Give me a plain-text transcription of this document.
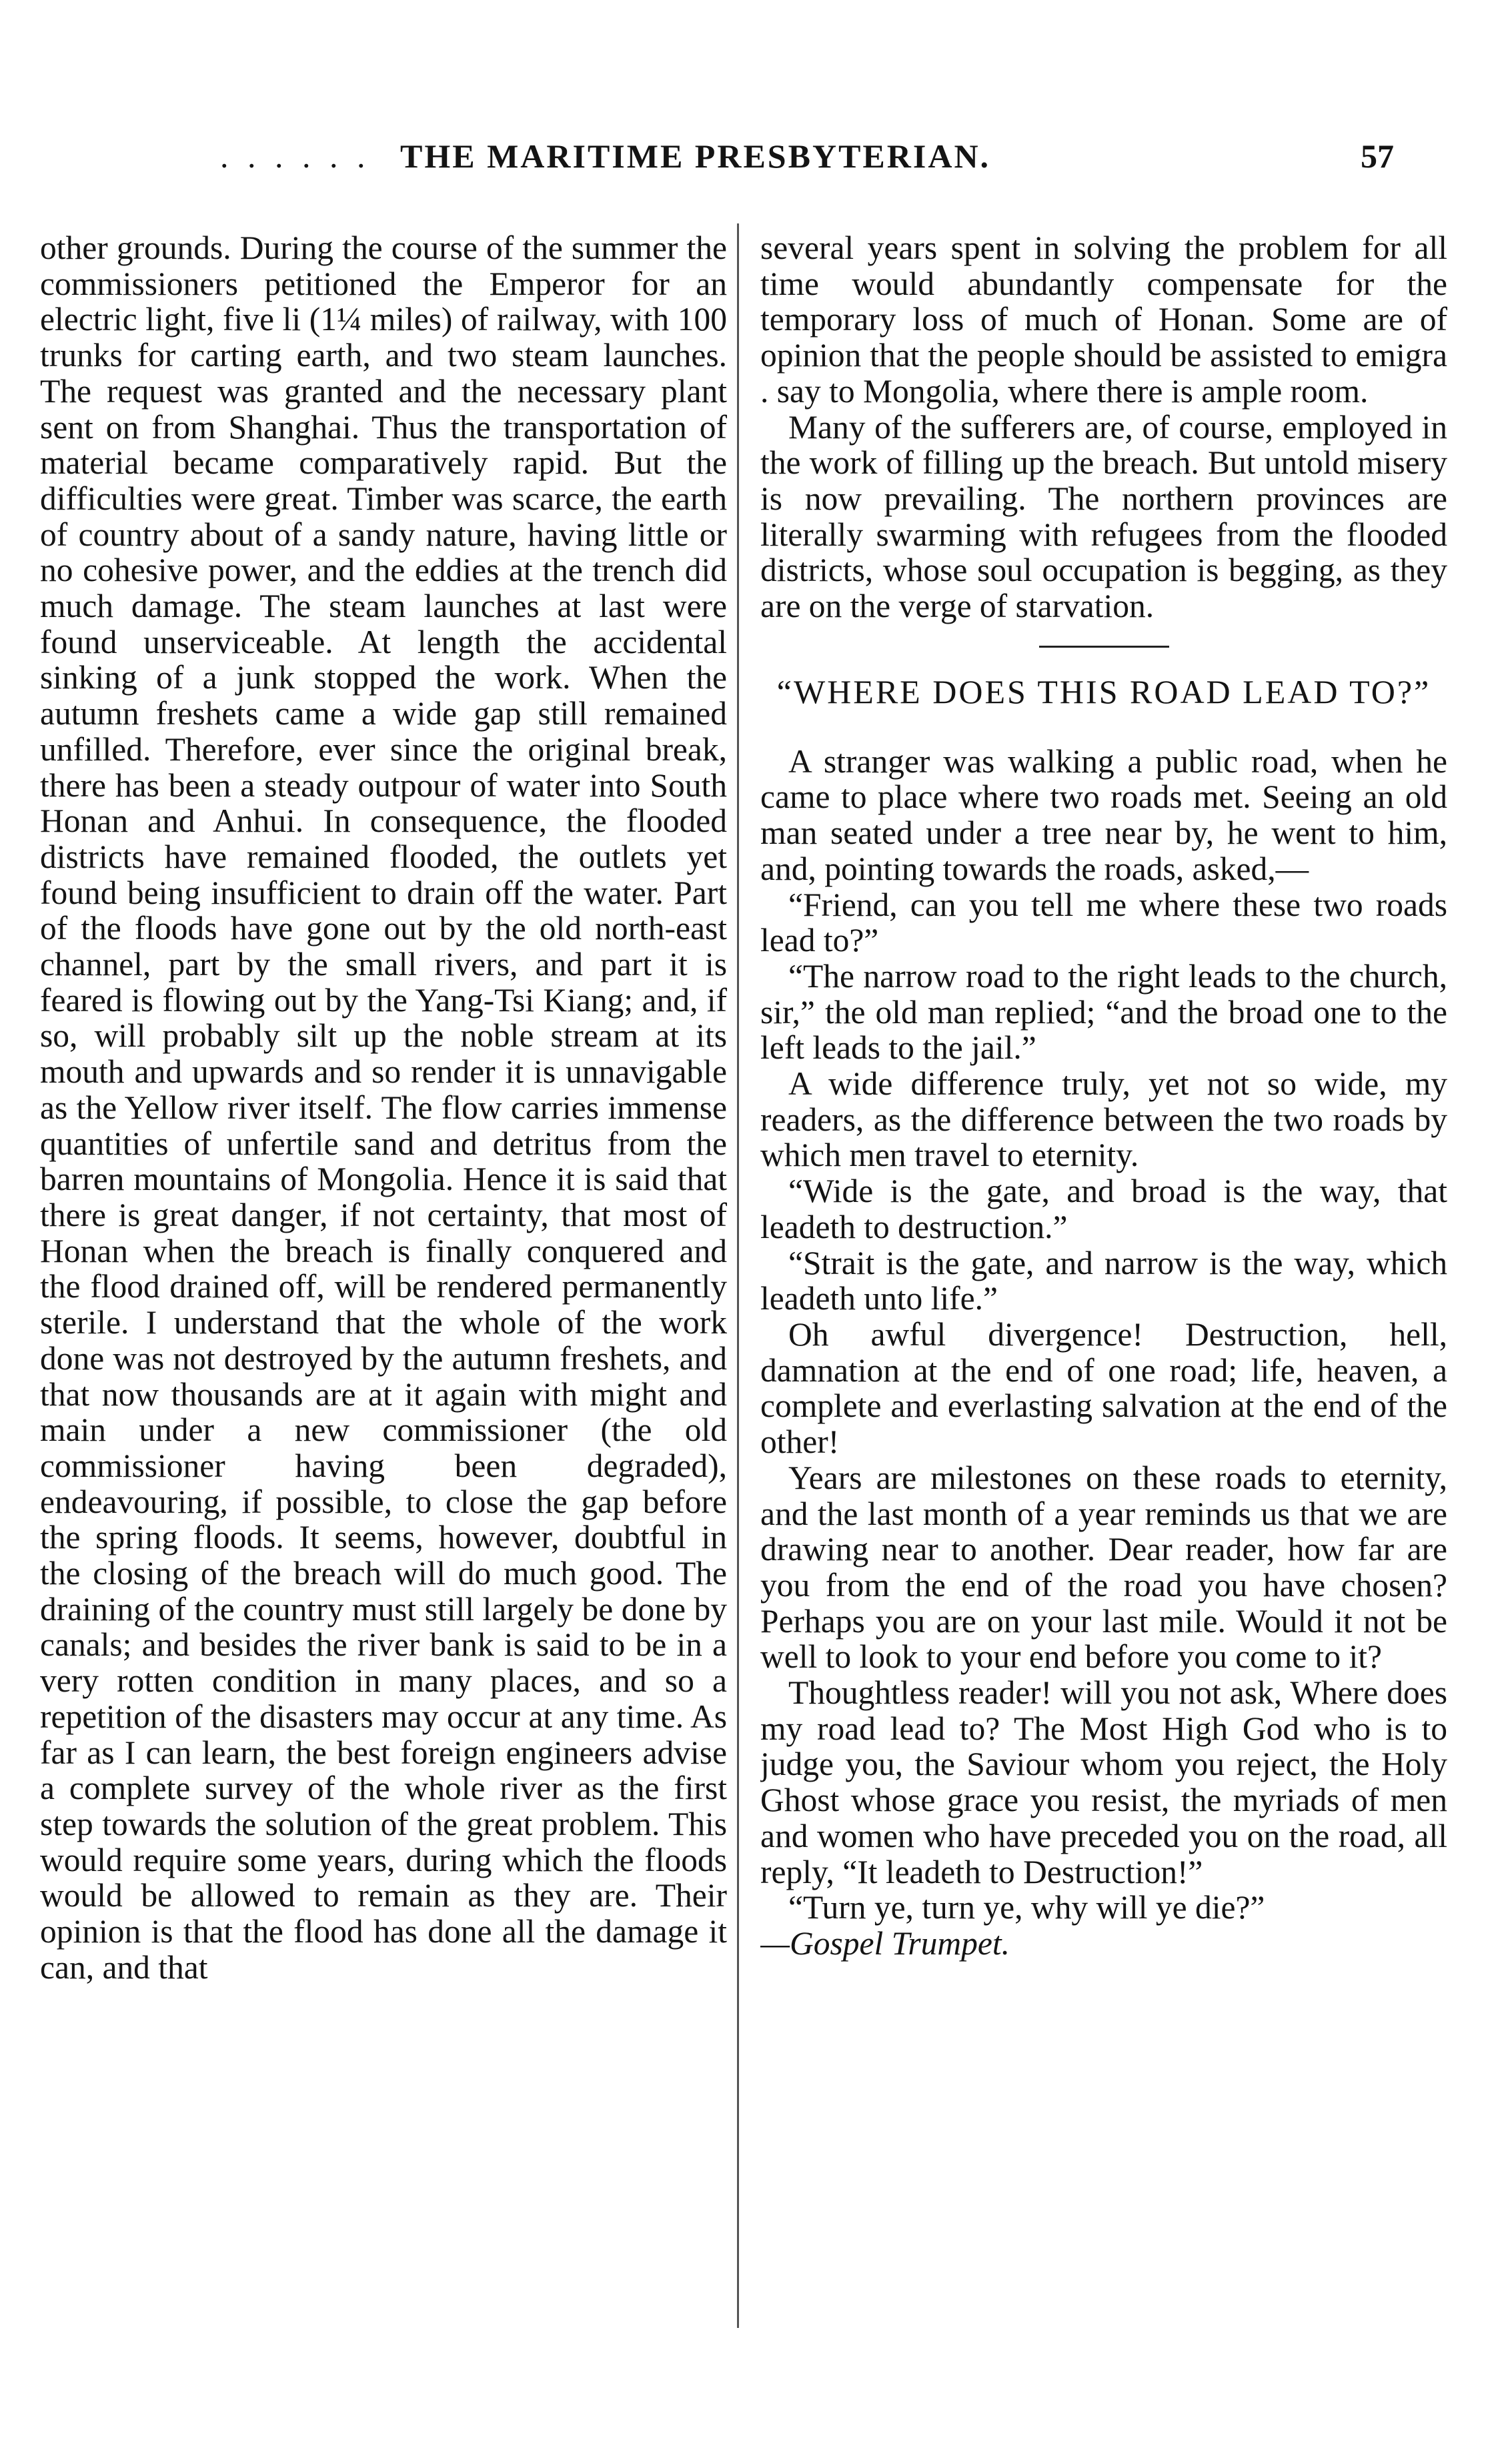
. . . . . . THE MARITIME PRESBYTERIAN.	57

other grounds. During the course of the summer the commissioners petitioned the Emperor for an electric light, five li (1¼ miles) of railway, with 100 trunks for carting earth, and two steam launches. The request was granted and the necessary plant sent on from Shanghai. Thus the transportation of material became comparatively rapid. But the difficulties were great. Timber was scarce, the earth of country about of a sandy nature, having little or no cohesive power, and the eddies at the trench did much damage. The steam launches at last were found unserviceable. At length the accidental sinking of a junk stopped the work. When the autumn freshets came a wide gap still remained unfilled. Therefore, ever since the original break, there has been a steady outpour of water into South Honan and Anhui. In consequence, the flooded districts have remained flooded, the outlets yet found being insufficient to drain off the water. Part of the floods have gone out by the old north-east channel, part by the small rivers, and part it is feared is flowing out by the Yang-Tsi Kiang; and, if so, will probably silt up the noble stream at its mouth and upwards and so render it is unnavigable as the Yellow river itself. The flow carries immense quantities of unfertile sand and detritus from the barren mountains of Mongolia. Hence it is said that there is great danger, if not certainty, that most of Honan when the breach is finally conquered and the flood drained off, will be rendered permanently sterile. I understand that the whole of the work done was not destroyed by the autumn freshets, and that now thousands are at it again with might and main under a new commissioner (the old commissioner having been degraded), endeavouring, if possible, to close the gap before the spring floods. It seems, however, doubtful in the closing of the breach will do much good. The draining of the country must still largely be done by canals; and besides the river bank is said to be in a very rotten condition in many places, and so a repetition of the disasters may occur at any time. As far as I can learn, the best foreign engineers advise a complete survey of the whole river as the first step towards the solution of the great problem. This would require some years, during which the floods would be allowed to remain as they are. Their opinion is that the flood has done all the damage it can, and that

several years spent in solving the problem for all time would abundantly compensate for the temporary loss of much of Honan. Some are of opinion that the people should be assisted to emigra . say to Mongolia, where there is ample room.

Many of the sufferers are, of course, employed in the work of filling up the breach. But untold misery is now prevailing. The northern provinces are literally swarming with refugees from the flooded districts, whose soul occupation is begging, as they are on the verge of starvation.

“WHERE DOES THIS ROAD LEAD TO?”

A stranger was walking a public road, when he came to place where two roads met. Seeing an old man seated under a tree near by, he went to him, and, pointing towards the roads, asked,—

“Friend, can you tell me where these two roads lead to?”

“The narrow road to the right leads to the church, sir,” the old man replied; “and the broad one to the left leads to the jail.”

A wide difference truly, yet not so wide, my readers, as the difference between the two roads by which men travel to eternity.

“Wide is the gate, and broad is the way, that leadeth to destruction.”

“Strait is the gate, and narrow is the way, which leadeth unto life.”

Oh awful divergence! Destruction, hell, damnation at the end of one road; life, heaven, a complete and everlasting salvation at the end of the other!

Years are milestones on these roads to eternity, and the last month of a year reminds us that we are drawing near to another. Dear reader, how far are you from the end of the road you have chosen? Perhaps you are on your last mile. Would it not be well to look to your end before you come to it?

Thoughtless reader! will you not ask, Where does my road lead to? The Most High God who is to judge you, the Saviour whom you reject, the Holy Ghost whose grace you resist, the myriads of men and women who have preceded you on the road, all reply, “It leadeth to Destruction!”

“Turn ye, turn ye, why will ye die?”

—Gospel Trumpet.
